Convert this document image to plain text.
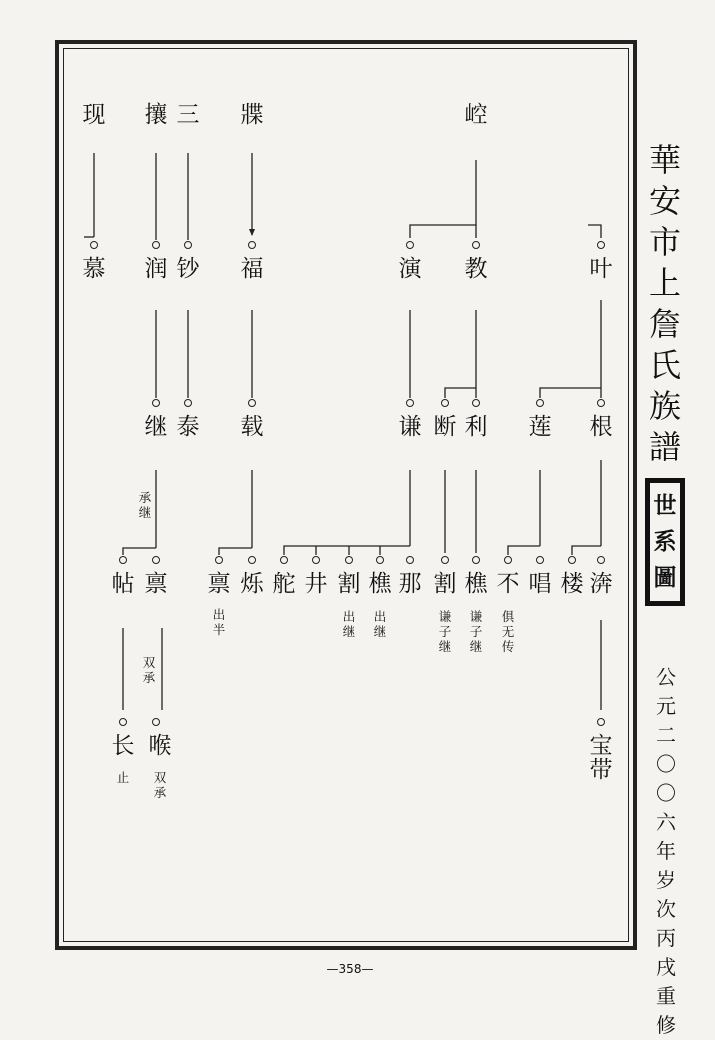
现	攘 三	牃	崆
慕	润 钞	福	演	教	叶
继 泰	载	谦 断 利	莲	根
承继
帖 禀	禀 烁 舵 井 割 樵 那 割 樵 不 唱 楼 渀
出半
出继
出继
谦子继
谦子继
俱无传
双承
长 喉	宝带
止 双承
華安市上詹氏族譜
世系圖
公元二〇〇六年岁次丙戌重修
—358—
